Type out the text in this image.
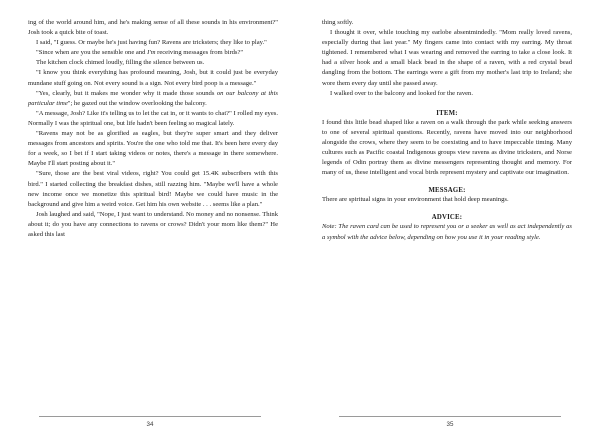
ing of the world around him, and he's making sense of all these sounds in his environment?" Josh took a quick bite of toast.

I said, "I guess. Or maybe he's just having fun? Ravens are tricksters; they like to play."

"Since when are you the sensible one and I'm receiving messages from birds?"

The kitchen clock chimed loudly, filling the silence between us.

"I know you think everything has profound meaning, Josh, but it could just be everyday mundane stuff going on. Not every sound is a sign. Not every bird poop is a message."

"Yes, clearly, but it makes me wonder why it made those sounds on our balcony at this particular time"; he gazed out the window overlooking the balcony.

"A message, Josh? Like it's telling us to let the cat in, or it wants to chat?" I rolled my eyes. Normally I was the spiritual one, but life hadn't been feeling so magical lately.

"Ravens may not be as glorified as eagles, but they're super smart and they deliver messages from ancestors and spirits. You're the one who told me that. It's been here every day for a week, so I bet if I start taking videos or notes, there's a message in there somewhere. Maybe I'll start posting about it."

"Sure, those are the best viral videos, right? You could get 15.4K subscribers with this bird." I started collecting the breakfast dishes, still razzing him. "Maybe we'll have a whole new income once we monetize this spiritual bird! Maybe we could have music in the background and give him a weird voice. Get him his own website . . . seems like a plan."

Josh laughed and said, "Nope, I just want to understand. No money and no nonsense. Think about it; do you have any connections to ravens or crows? Didn't your mom like them?" He asked this last

34

thing softly.

I thought it over, while touching my earlobe absentmindedly. "Mom really loved ravens, especially during that last year." My fingers came into contact with my earring. My throat tightened. I remembered what I was wearing and removed the earring to take a close look. It had a silver hook and a small black bead in the shape of a raven, with a red crystal bead dangling from the bottom. The earrings were a gift from my mother's last trip to Ireland; she wore them every day until she passed away.

I walked over to the balcony and looked for the raven.

ITEM:

I found this little bead shaped like a raven on a walk through the park while seeking answers to one of several spiritual questions. Recently, ravens have moved into our neighborhood alongside the crows, where they seem to be coexisting and to have impeccable timing. Many cultures such as Pacific coastal Indigenous groups view ravens as divine tricksters, and Norse legends of Odin portray them as divine messengers representing thought and memory. For many of us, these intelligent and vocal birds represent mystery and captivate our imagination.

MESSAGE:

There are spiritual signs in your environment that hold deep meanings.

ADVICE:

Note: The raven card can be used to represent you or a seeker as well as act independently as a symbol with the advice below, depending on how you use it in your reading style.

35
